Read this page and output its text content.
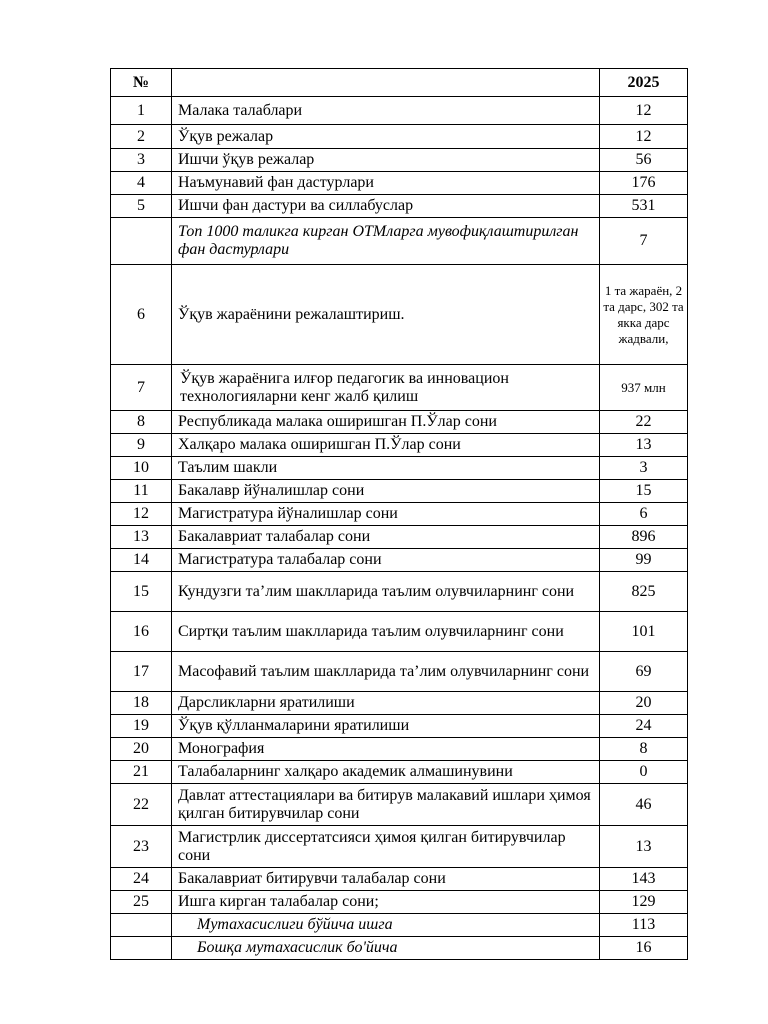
№		2025
1	Малака талаблари	12
2	Ўқув режалар	12
3	Ишчи ўқув режалар	56
4	Наъмунавий фан дастурлари	176
5	Ишчи фан дастури ва силлабуслар	531
	Топ 1000 таликга кирган ОТМларга мувофиқлаштирилган фан дастурлари	7
6	Ўқув жараёнини режалаштириш.	1 та жараён, 2 та дарс, 302 та якка дарс жадвали,
7	Ўқув жараёнига илғор педагогик ва инновацион технологияларни кенг жалб қилиш	937 млн
8	Республикада малака оширишган П.Ўлар сони	22
9	Халқаро малака оширишган П.Ўлар сони	13
10	Таълим шакли	3
11	Бакалавр йўналишлар сони	15
12	Магистратура йўналишлар сони	6
13	Бакалавриат талабалар сони	896
14	Магистратура талабалар сони	99
15	Кундузги та’лим шаклларида таълим олувчиларнинг сони	825
16	Сиртқи таълим шаклларида таълим олувчиларнинг сони	101
17	Масофавий таълим шаклларида та’лим олувчиларнинг сони	69
18	Дарсликларни яратилиши	20
19	Ўқув қўлланмаларини яратилиши	24
20	Монография	8
21	Талабаларнинг халқаро академик алмашинувини	0
22	Давлат аттестациялари ва битирув малакавий ишлари ҳимоя қилган битирувчилар сони	46
23	Магистрлик диссертатсияси ҳимоя қилган битирувчилар сони	13
24	Бакалавриат битирувчи талабалар сони	143
25	Ишга кирган талабалар сони;	129
	Мутахасислиги бўйича ишга	113
	Бошқа мутахасислик бо'йича	16
